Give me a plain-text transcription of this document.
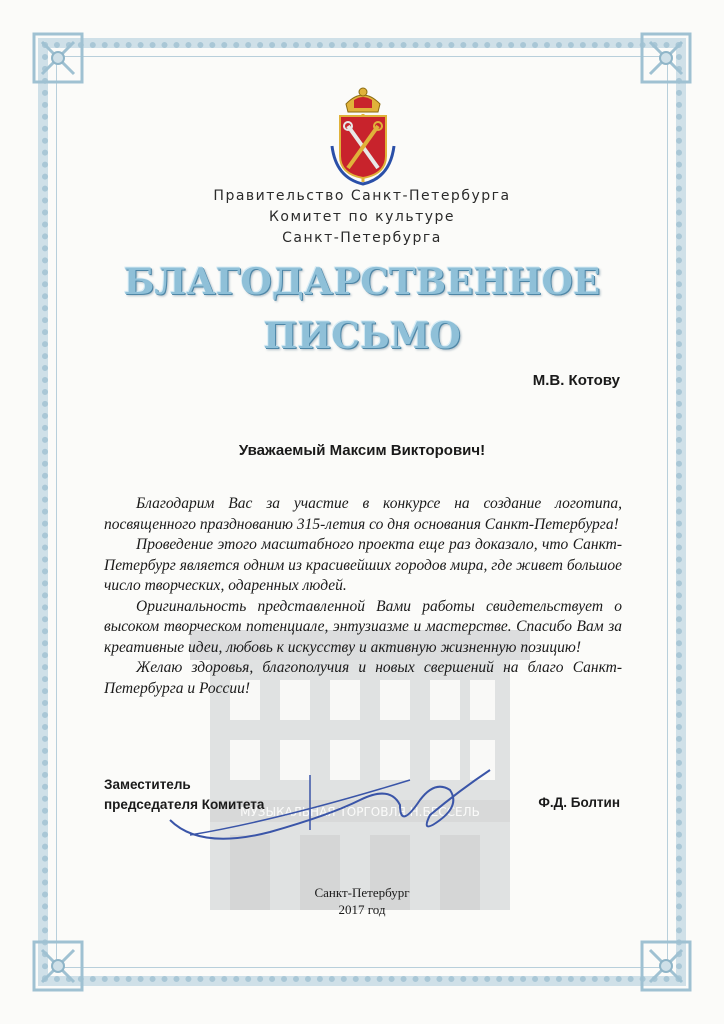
МУЗЫКАЛЬНАЯ ТОРГОВЛЯ Н.БЕССЕЛЬ
Правительство Санкт-Петербурга
Комитет по культуре
Санкт-Петербурга
БЛАГОДАРСТВЕННОЕ
ПИСЬМО
М.В. Котову
Уважаемый Максим Викторович!

Благодарим Вас за участие в конкурсе на создание логотипа, посвященного празднованию 315-летия со дня основания Санкт-Петербурга!

Проведение этого масштабного проекта еще раз доказало, что Санкт-Петербург является одним из красивейших городов мира, где живет большое число творческих, одаренных людей.

Оригинальность представленной Вами работы свидетельствует о высоком творческом потенциале, энтузиазме и мастерстве. Спасибо Вам за креативные идеи, любовь к искусству и активную жизненную позицию!

Желаю здоровья, благополучия и новых свершений на благо Санкт-Петербурга и России!

Заместитель
председателя Комитета	Ф.Д. Болтин
Санкт-Петербург
2017 год
